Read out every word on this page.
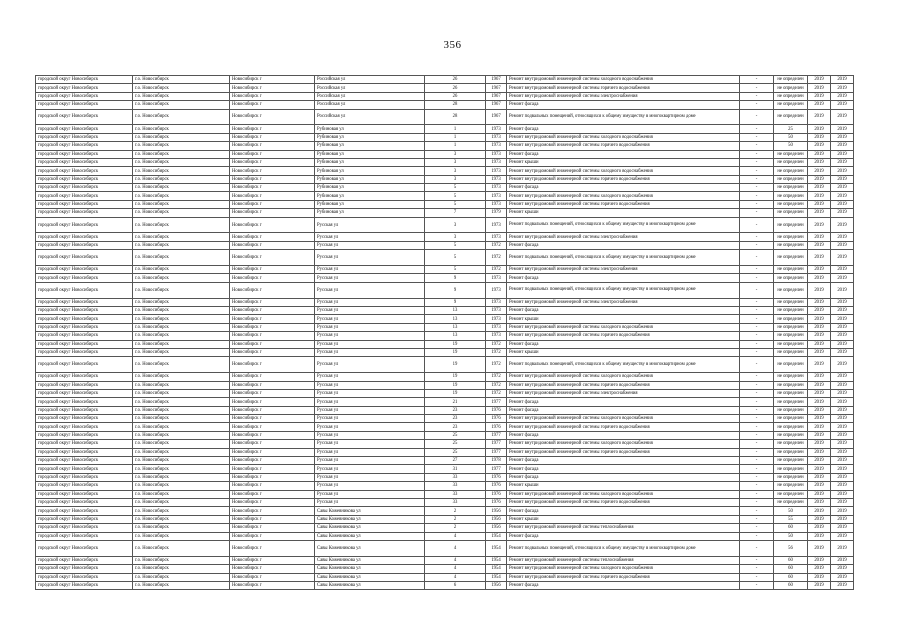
356
городской округ Новосибирск	г.о. Новосибирск	Новосибирск г	Российская ул	26	1967	Ремонт внутридомовой инженерной системы холодного водоснабжения	-	не определен	2019	2019
городской округ Новосибирск	г.о. Новосибирск	Новосибирск г	Российская ул	26	1967	Ремонт внутридомовой инженерной системы горячего водоснабжения	-	не определен	2019	2019
городской округ Новосибирск	г.о. Новосибирск	Новосибирск г	Российская ул	26	1967	Ремонт внутридомовой инженерной системы электроснабжения	-	не определен	2019	2019
городской округ Новосибирск	г.о. Новосибирск	Новосибирск г	Российская ул	28	1967	Ремонт фасада	-	не определен	2019	2019
городской округ Новосибирск	г.о. Новосибирск	Новосибирск г	Российская ул	28	1967	Ремонт подвальных помещений, относящихся к общему имуществу в многоквартирном доме	-	не определен	2019	2019
городской округ Новосибирск	г.о. Новосибирск	Новосибирск г	Рубиновая ул	1	1973	Ремонт фасада	-	25	2019	2019
городской округ Новосибирск	г.о. Новосибирск	Новосибирск г	Рубиновая ул	1	1973	Ремонт внутридомовой инженерной системы холодного водоснабжения	-	50	2019	2019
городской округ Новосибирск	г.о. Новосибирск	Новосибирск г	Рубиновая ул	1	1973	Ремонт внутридомовой инженерной системы горячего водоснабжения	-	50	2019	2019
городской округ Новосибирск	г.о. Новосибирск	Новосибирск г	Рубиновая ул	3	1973	Ремонт фасада	-	не определен	2019	2019
городской округ Новосибирск	г.о. Новосибирск	Новосибирск г	Рубиновая ул	3	1973	Ремонт крыши	-	не определен	2019	2019
городской округ Новосибирск	г.о. Новосибирск	Новосибирск г	Рубиновая ул	3	1973	Ремонт внутридомовой инженерной системы холодного водоснабжения	-	не определен	2019	2019
городской округ Новосибирск	г.о. Новосибирск	Новосибирск г	Рубиновая ул	3	1973	Ремонт внутридомовой инженерной системы горячего водоснабжения	-	не определен	2019	2019
городской округ Новосибирск	г.о. Новосибирск	Новосибирск г	Рубиновая ул	5	1973	Ремонт фасада	-	не определен	2019	2019
городской округ Новосибирск	г.о. Новосибирск	Новосибирск г	Рубиновая ул	5	1973	Ремонт внутридомовой инженерной системы холодного водоснабжения	-	не определен	2019	2019
городской округ Новосибирск	г.о. Новосибирск	Новосибирск г	Рубиновая ул	5	1973	Ремонт внутридомовой инженерной системы горячего водоснабжения	-	не определен	2019	2019
городской округ Новосибирск	г.о. Новосибирск	Новосибирск г	Рубиновая ул	7	1979	Ремонт крыши	-	не определен	2019	2019
городской округ Новосибирск	г.о. Новосибирск	Новосибирск г	Русская ул	3	1973	Ремонт подвальных помещений, относящихся к общему имуществу в многоквартирном доме	-	не определен	2019	2019
городской округ Новосибирск	г.о. Новосибирск	Новосибирск г	Русская ул	3	1973	Ремонт внутридомовой инженерной системы электроснабжения	-	не определен	2019	2019
городской округ Новосибирск	г.о. Новосибирск	Новосибирск г	Русская ул	5	1972	Ремонт фасада	-	не определен	2019	2019
городской округ Новосибирск	г.о. Новосибирск	Новосибирск г	Русская ул	5	1972	Ремонт подвальных помещений, относящихся к общему имуществу в многоквартирном доме	-	не определен	2019	2019
городской округ Новосибирск	г.о. Новосибирск	Новосибирск г	Русская ул	5	1972	Ремонт внутридомовой инженерной системы электроснабжения	-	не определен	2019	2019
городской округ Новосибирск	г.о. Новосибирск	Новосибирск г	Русская ул	9	1973	Ремонт фасада	-	не определен	2019	2019
городской округ Новосибирск	г.о. Новосибирск	Новосибирск г	Русская ул	9	1973	Ремонт подвальных помещений, относящихся к общему имуществу в многоквартирном доме	-	не определен	2019	2019
городской округ Новосибирск	г.о. Новосибирск	Новосибирск г	Русская ул	9	1973	Ремонт внутридомовой инженерной системы электроснабжения	-	не определен	2019	2019
городской округ Новосибирск	г.о. Новосибирск	Новосибирск г	Русская ул	13	1973	Ремонт фасада	-	не определен	2019	2019
городской округ Новосибирск	г.о. Новосибирск	Новосибирск г	Русская ул	13	1973	Ремонт крыши	-	не определен	2019	2019
городской округ Новосибирск	г.о. Новосибирск	Новосибирск г	Русская ул	13	1973	Ремонт внутридомовой инженерной системы холодного водоснабжения	-	не определен	2019	2019
городской округ Новосибирск	г.о. Новосибирск	Новосибирск г	Русская ул	13	1973	Ремонт внутридомовой инженерной системы горячего водоснабжения	-	не определен	2019	2019
городской округ Новосибирск	г.о. Новосибирск	Новосибирск г	Русская ул	19	1972	Ремонт фасада	-	не определен	2019	2019
городской округ Новосибирск	г.о. Новосибирск	Новосибирск г	Русская ул	19	1972	Ремонт крыши	-	не определен	2019	2019
городской округ Новосибирск	г.о. Новосибирск	Новосибирск г	Русская ул	19	1972	Ремонт подвальных помещений, относящихся к общему имуществу в многоквартирном доме	-	не определен	2019	2019
городской округ Новосибирск	г.о. Новосибирск	Новосибирск г	Русская ул	19	1972	Ремонт внутридомовой инженерной системы холодного водоснабжения	-	не определен	2019	2019
городской округ Новосибирск	г.о. Новосибирск	Новосибирск г	Русская ул	19	1972	Ремонт внутридомовой инженерной системы горячего водоснабжения	-	не определен	2019	2019
городской округ Новосибирск	г.о. Новосибирск	Новосибирск г	Русская ул	19	1972	Ремонт внутридомовой инженерной системы электроснабжения	-	не определен	2019	2019
городской округ Новосибирск	г.о. Новосибирск	Новосибирск г	Русская ул	21	1977	Ремонт фасада	-	не определен	2019	2019
городской округ Новосибирск	г.о. Новосибирск	Новосибирск г	Русская ул	23	1976	Ремонт фасада	-	не определен	2019	2019
городской округ Новосибирск	г.о. Новосибирск	Новосибирск г	Русская ул	23	1976	Ремонт внутридомовой инженерной системы холодного водоснабжения	-	не определен	2019	2019
городской округ Новосибирск	г.о. Новосибирск	Новосибирск г	Русская ул	23	1976	Ремонт внутридомовой инженерной системы горячего водоснабжения	-	не определен	2019	2019
городской округ Новосибирск	г.о. Новосибирск	Новосибирск г	Русская ул	25	1977	Ремонт фасада	-	не определен	2019	2019
городской округ Новосибирск	г.о. Новосибирск	Новосибирск г	Русская ул	25	1977	Ремонт внутридомовой инженерной системы холодного водоснабжения	-	не определен	2019	2019
городской округ Новосибирск	г.о. Новосибирск	Новосибирск г	Русская ул	25	1977	Ремонт внутридомовой инженерной системы горячего водоснабжения	-	не определен	2019	2019
городской округ Новосибирск	г.о. Новосибирск	Новосибирск г	Русская ул	27	1978	Ремонт фасада	-	не определен	2019	2019
городской округ Новосибирск	г.о. Новосибирск	Новосибирск г	Русская ул	31	1977	Ремонт фасада	-	не определен	2019	2019
городской округ Новосибирск	г.о. Новосибирск	Новосибирск г	Русская ул	33	1976	Ремонт фасада	-	не определен	2019	2019
городской округ Новосибирск	г.о. Новосибирск	Новосибирск г	Русская ул	33	1976	Ремонт крыши	-	не определен	2019	2019
городской округ Новосибирск	г.о. Новосибирск	Новосибирск г	Русская ул	33	1976	Ремонт внутридомовой инженерной системы холодного водоснабжения	-	не определен	2019	2019
городской округ Новосибирск	г.о. Новосибирск	Новосибирск г	Русская ул	33	1976	Ремонт внутридомовой инженерной системы горячего водоснабжения	-	не определен	2019	2019
городской округ Новосибирск	г.о. Новосибирск	Новосибирск г	Савы Кожевникова ул	2	1956	Ремонт фасада	-	50	2019	2019
городской округ Новосибирск	г.о. Новосибирск	Новосибирск г	Савы Кожевникова ул	2	1956	Ремонт крыши	-	55	2019	2019
городской округ Новосибирск	г.о. Новосибирск	Новосибирск г	Савы Кожевникова ул	2	1956	Ремонт внутридомовой инженерной системы теплоснабжения	-	60	2019	2019
городской округ Новосибирск	г.о. Новосибирск	Новосибирск г	Савы Кожевникова ул	4	1954	Ремонт фасада	-	50	2019	2019
городской округ Новосибирск	г.о. Новосибирск	Новосибирск г	Савы Кожевникова ул	4	1954	Ремонт подвальных помещений, относящихся к общему имуществу в многоквартирном доме	-	56	2019	2019
городской округ Новосибирск	г.о. Новосибирск	Новосибирск г	Савы Кожевникова ул	4	1954	Ремонт внутридомовой инженерной системы теплоснабжения	-	60	2019	2019
городской округ Новосибирск	г.о. Новосибирск	Новосибирск г	Савы Кожевникова ул	4	1954	Ремонт внутридомовой инженерной системы холодного водоснабжения	-	60	2019	2019
городской округ Новосибирск	г.о. Новосибирск	Новосибирск г	Савы Кожевникова ул	4	1954	Ремонт внутридомовой инженерной системы горячего водоснабжения	-	60	2019	2019
городской округ Новосибирск	г.о. Новосибирск	Новосибирск г	Савы Кожевникова ул	6	1956	Ремонт фасада	-	60	2019	2019
